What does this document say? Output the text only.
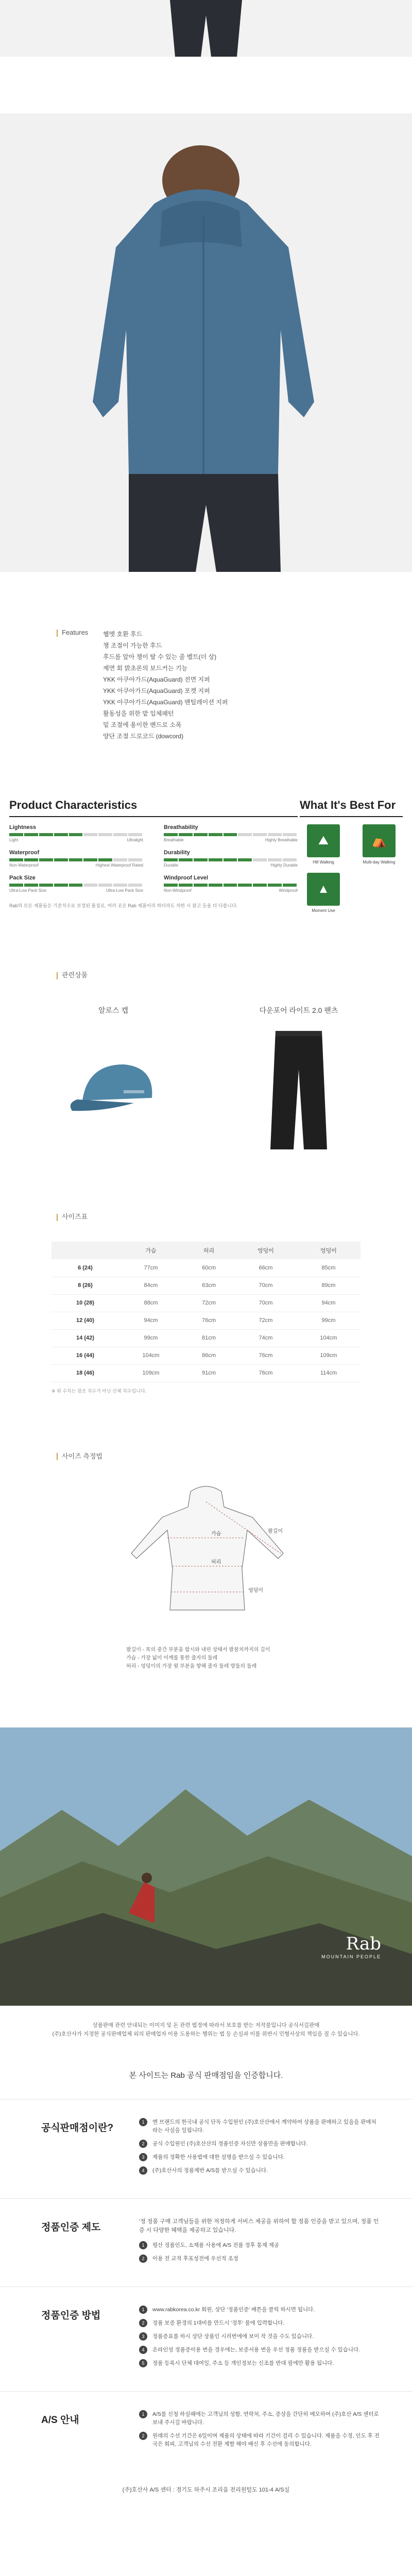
Features	헬멧 호환 후드
챙 조절이 가능한 후드
후드를 앞아 챙이 탈 수 있는 줄 벨트(더 상)
제면 회 밝초론의 보드커는 기능
YKK 아쿠아가드(AquaGuard) 전면 지퍼
YKK 아쿠아가드(AquaGuard) 포켓 지퍼
YKK 아쿠아가드(AquaGuard) 밴틸레이션 지퍼
활동성을 위한 밭 입체패턴
밑 조절에 용이한 밴드로 소폭
양단 조절 드로코드 (dowcord)
Product Characteristics
Lightness
Light	Ultralight
Breathability
Breathable	Highly Breathable
Waterproof
Non-Waterproof	Highest Waterproof Rated
Durability
Durable	Highly Durable
Pack Size
Ultra-Low Pack Size	Ultra-Low Pack Size
Windproof Level
Non-Windproof	Windproof
Rab의 모든 제품들은 기준치수로 보정된 품질로, 여러 곳은 Rab 제품이라 하더라도 차한 시 참고 등을 더 다릅니다.
What It's Best For
⛰
Hill Walking
⛺
Multi-day Walking
▲
Moment Use
관련상품
알로스 캡	다운포어 라이트 2.0 팬츠
사이즈표
	가슴	허리	엉덩이	엉덩이
6 (24)	77cm	60cm	66cm	85cm
8 (26)	84cm	63cm	70cm	89cm
10 (28)	88cm	72cm	70cm	94cm
12 (40)	94cm	76cm	72cm	99cm
14 (42)	99cm	81cm	74cm	104cm
16 (44)	104cm	86cm	76cm	109cm
18 (46)	109cm	91cm	76cm	114cm
※ 위 수치는 참조 치수가 아닌 신체 치수입니다.
사이즈 측정법
팔길이
가슴
허리
엉덩이
팔길이 - 목의 중간 부분을 합시와 내린 상태서 팔꿈치까지의 길이
가슴 - 가장 넓이 어깨를 통한 줄자의 둘레
허리 - 엉덩이의 가장 윗 부분을 향해 줄자 둘레 방둘의 둘레
Rab
MOUNTAIN PEOPLE
상품판매 관련 안내되는 이미지 및 돈 관련 법정에 따라서 보호를 받는 저작물입니다 공식서길판매
(주)호산사가 지정한 공식판매업체 외의 판매업자 이용 도용하는 행위는 법 등 손실과 이를 위반시 민형사상의 책임을 질 수 있습니다.
본 사이트는 Rab 공식 판매점임을 인증합니다.
공식판매점이란?
1	엔 브랜드의 한국내 공식 단독 수입원인 (주)호산산에서 계약하여 상품을 판매하고 있음을 판매처라는 사실을 일립니다.
2	공식 수입원인 (주)호산산의 정품인증 자신만 상품만을 판매합니다.
3	제품의 정확한 사용법에 대한 설명을 받으실 수 있습니다.
4	(주)호산사의 정품제반 A/S를 받으실 수 있습니다.
정품인증 제도
'정 정품 구매 고객님들을 위한 저정하게 서비스 제공을 위하여 합 정품 인증을 받고 있으며, 정품 인증 시 다양한 혜택을 제공하고 있습니다.
1	평산 정품인도, 소재품 사용에 A/S 전품 정후 통제 제공
2	이용 전 교적 후포성전에 우선적 조정
정품인증 방법
1	www.rabkorea.co.kr 회원, 상단 '정품인증' 배튼을 클릭 하시면 됩니다.
2	정품 보증 환경의 1대비를 만드시 '정투' 물에 입력합니다.
3	정품증표를 하시 상단 상품인 시리번에에 보이 작 것을 수도 있습니다.
4	온라인성 정품증이용 번을 경우에는, 보증서용 번을 우선 정품 정품을 받으실 수 있습니다.
5	정품 등록시 단체 대여일, 주소 등 개인정보는 신조를 반대 필에만 활용 됩니다.
A/S 안내
1	A/S를 신청 하실때에는 고객님의 성함, 연락처, 주소, 증상을 간단히 메모하여 (주)호산 A/S 센터로 보내 주시길 바랍니다.
2	원래의 수선 기간은 6일이며 제품의 상태에 따라 기간이 걸리 수 있습니다. 제품을 수정, 인도 후 전국은 회피, 고객님의 수선 전환 제할 해야 배신 후 수선에 동의합니다.
(주)호산사 A/S 센터 : 경기도 하주시 조리읍 전리원털도 101-4 A/S실
